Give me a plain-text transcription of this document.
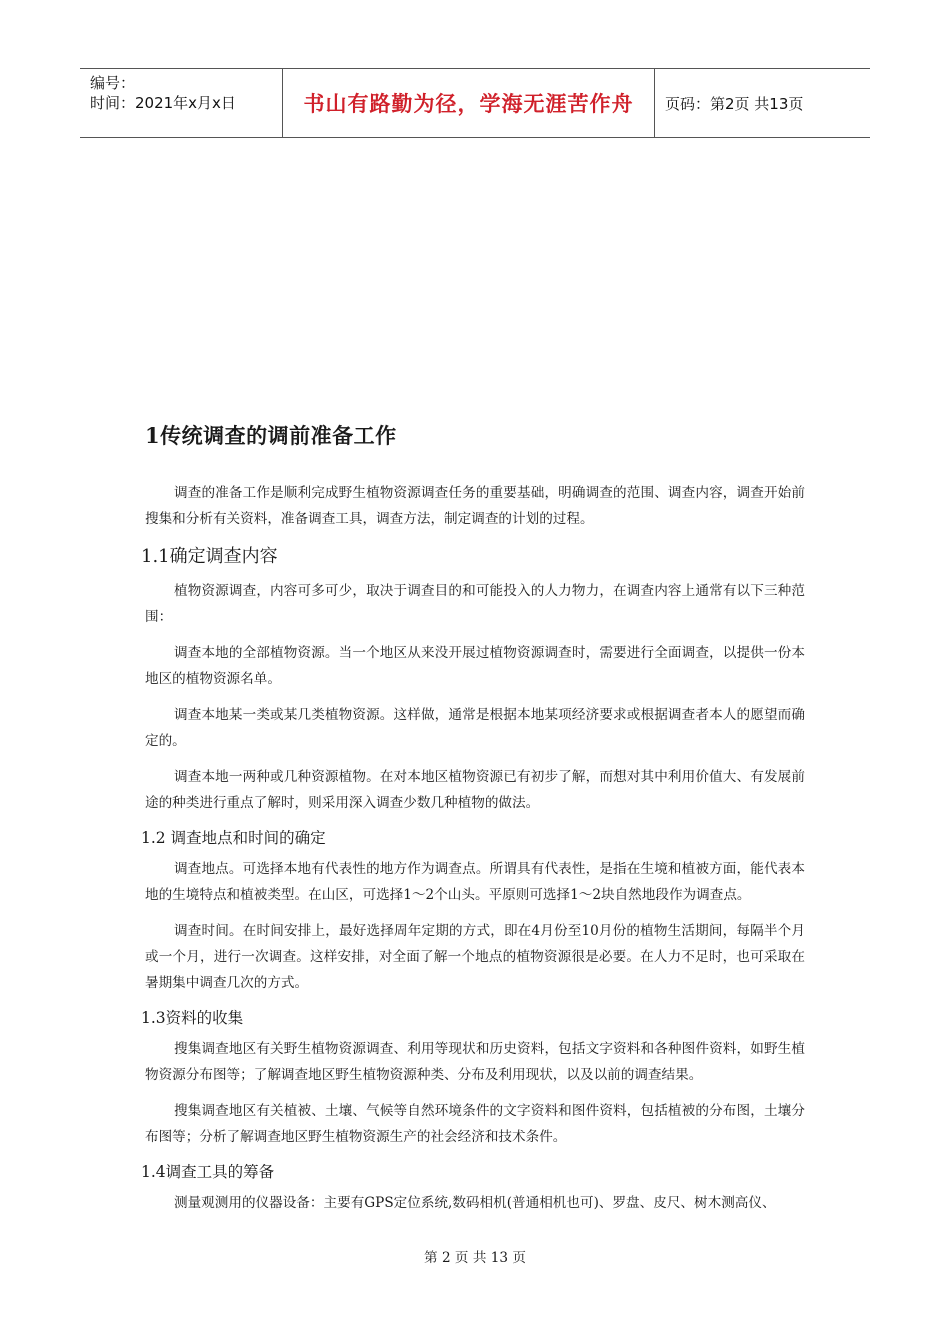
编号：
时间：2021年x月x日	书山有路勤为径，学海无涯苦作舟	页码：第2页 共13页
1传统调查的调前准备工作

调查的准备工作是顺利完成野生植物资源调查任务的重要基础，明确调查的范围、调查内容，调查开始前搜集和分析有关资料，准备调查工具，调查方法，制定调查的计划的过程。

1.1确定调查内容

植物资源调查，内容可多可少，取决于调查目的和可能投入的人力物力，在调查内容上通常有以下三种范围：

调查本地的全部植物资源。当一个地区从来没开展过植物资源调查时，需要进行全面调查，以提供一份本地区的植物资源名单。

调查本地某一类或某几类植物资源。这样做，通常是根据本地某项经济要求或根据调查者本人的愿望而确定的。

调查本地一两种或几种资源植物。在对本地区植物资源已有初步了解，而想对其中利用价值大、有发展前途的种类进行重点了解时，则采用深入调查少数几种植物的做法。

1.2 调查地点和时间的确定

调查地点。可选择本地有代表性的地方作为调查点。所谓具有代表性，是指在生境和植被方面，能代表本地的生境特点和植被类型。在山区，可选择1～2个山头。平原则可选择1～2块自然地段作为调查点。

调查时间。在时间安排上，最好选择周年定期的方式，即在4月份至10月份的植物生活期间，每隔半个月或一个月，进行一次调查。这样安排，对全面了解一个地点的植物资源很是必要。在人力不足时，也可采取在暑期集中调查几次的方式。

1.3资料的收集

搜集调查地区有关野生植物资源调查、利用等现状和历史资料，包括文字资料和各种图件资料，如野生植物资源分布图等；了解调查地区野生植物资源种类、分布及利用现状，以及以前的调查结果。

搜集调查地区有关植被、土壤、气候等自然环境条件的文字资料和图件资料，包括植被的分布图，土壤分布图等；分析了解调查地区野生植物资源生产的社会经济和技术条件。

1.4调查工具的筹备

测量观测用的仪器设备：主要有GPS定位系统,数码相机(普通相机也可)、罗盘、皮尺、树木测高仪、

第 2 页 共 13 页
